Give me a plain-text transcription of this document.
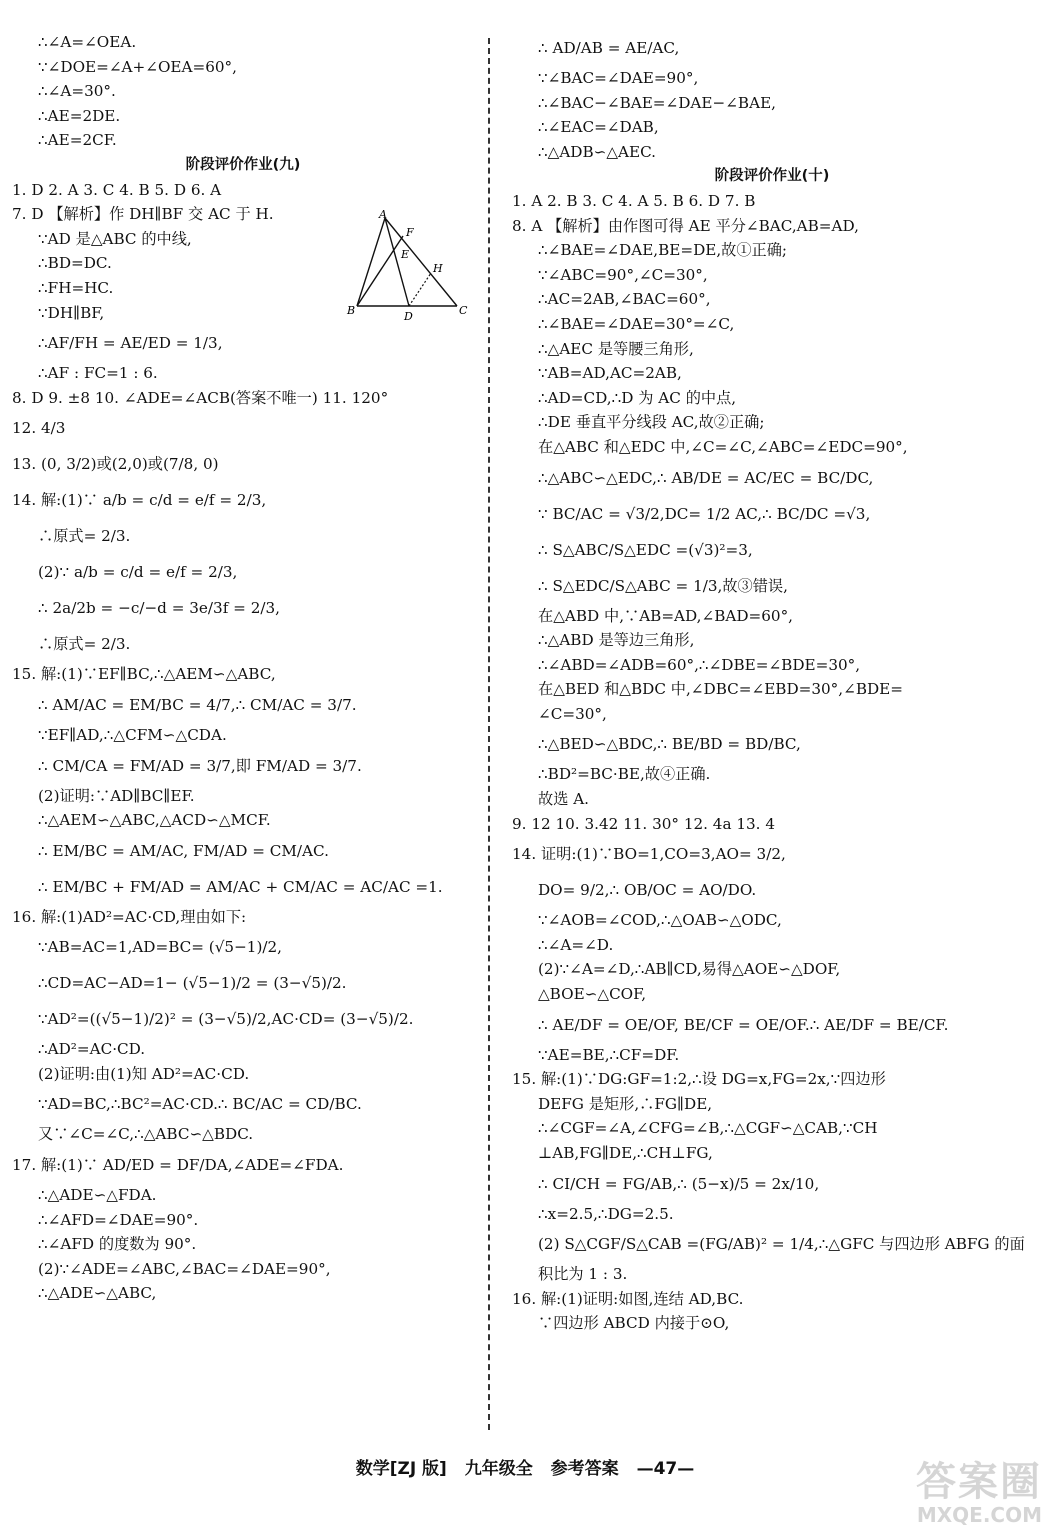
∴∠A=∠OEA.
∵∠DOE=∠A+∠OEA=60°,
∴∠A=30°.
∴AE=2DE.
∴AE=2CF.
阶段评价作业(九)
1. D 2. A 3. C 4. B 5. D 6. A
7. D 【解析】作 DH∥BF 交 AC 于 H.
∵AD 是△ABC 的中线,
∴BD=DC.
∴FH=HC.
∵DH∥BF,
∴AF/FH = AE/ED = 1/3,
∴AF : FC=1 : 6.
8. D 9. ±8 10. ∠ADE=∠ACB(答案不唯一) 11. 120°
12. 4/3
13. (0, 3/2)或(2,0)或(7/8, 0)
14. 解:(1)∵ a/b = c/d = e/f = 2/3,
∴原式= 2/3.
(2)∵ a/b = c/d = e/f = 2/3,
∴ 2a/2b = −c/−d = 3e/3f = 2/3,
∴原式= 2/3.
15. 解:(1)∵EF∥BC,∴△AEM∽△ABC,
∴ AM/AC = EM/BC = 4/7,∴ CM/AC = 3/7.
∵EF∥AD,∴△CFM∽△CDA.
∴ CM/CA = FM/AD = 3/7,即 FM/AD = 3/7.
(2)证明:∵AD∥BC∥EF.
∴△AEM∽△ABC,△ACD∽△MCF.
∴ EM/BC = AM/AC, FM/AD = CM/AC.
∴ EM/BC + FM/AD = AM/AC + CM/AC = AC/AC =1.
16. 解:(1)AD²=AC·CD,理由如下:
∵AB=AC=1,AD=BC= (√5−1)/2,
∴CD=AC−AD=1− (√5−1)/2 = (3−√5)/2.
∵AD²=((√5−1)/2)² = (3−√5)/2,AC·CD= (3−√5)/2.
∴AD²=AC·CD.
(2)证明:由(1)知 AD²=AC·CD.
∵AD=BC,∴BC²=AC·CD.∴ BC/AC = CD/BC.
又∵∠C=∠C,∴△ABC∽△BDC.
17. 解:(1)∵ AD/ED = DF/DA,∠ADE=∠FDA.
∴△ADE∽△FDA.
∴∠AFD=∠DAE=90°.
∴∠AFD 的度数为 90°.
(2)∵∠ADE=∠ABC,∠BAC=∠DAE=90°,
∴△ADE∽△ABC,
∴ AD/AB = AE/AC,
∵∠BAC=∠DAE=90°,
∴∠BAC−∠BAE=∠DAE−∠BAE,
∴∠EAC=∠DAB,
∴△ADB∽△AEC.
阶段评价作业(十)
1. A 2. B 3. C 4. A 5. B 6. D 7. B
8. A 【解析】由作图可得 AE 平分∠BAC,AB=AD,
∴∠BAE=∠DAE,BE=DE,故①正确;
∵∠ABC=90°,∠C=30°,
∴AC=2AB,∠BAC=60°,
∴∠BAE=∠DAE=30°=∠C,
∴△AEC 是等腰三角形,
∵AB=AD,AC=2AB,
∴AD=CD,∴D 为 AC 的中点,
∴DE 垂直平分线段 AC,故②正确;
在△ABC 和△EDC 中,∠C=∠C,∠ABC=∠EDC=90°,
∴△ABC∽△EDC,∴ AB/DE = AC/EC = BC/DC,
∵ BC/AC = √3/2,DC= 1/2 AC,∴ BC/DC =√3,
∴ S△ABC/S△EDC =(√3)²=3,
∴ S△EDC/S△ABC = 1/3,故③错误,
在△ABD 中,∵AB=AD,∠BAD=60°,
∴△ABD 是等边三角形,
∴∠ABD=∠ADB=60°,∴∠DBE=∠BDE=30°,
在△BED 和△BDC 中,∠DBC=∠EBD=30°,∠BDE=
∠C=30°,
∴△BED∽△BDC,∴ BE/BD = BD/BC,
∴BD²=BC·BE,故④正确.
故选 A.
9. 12 10. 3.42 11. 30° 12. 4a 13. 4
14. 证明:(1)∵BO=1,CO=3,AO= 3/2,
DO= 9/2,∴ OB/OC = AO/DO.
∵∠AOB=∠COD,∴△OAB∽△ODC,
∴∠A=∠D.
(2)∵∠A=∠D,∴AB∥CD,易得△AOE∽△DOF,
△BOE∽△COF,
∴ AE/DF = OE/OF, BE/CF = OE/OF.∴ AE/DF = BE/CF.
∵AE=BE,∴CF=DF.
15. 解:(1)∵DG:GF=1:2,∴设 DG=x,FG=2x,∵四边形
DEFG 是矩形,∴FG∥DE,
∴∠CGF=∠A,∠CFG=∠B,∴△CGF∽△CAB,∵CH
⊥AB,FG∥DE,∴CH⊥FG,
∴ CI/CH = FG/AB,∴ (5−x)/5 = 2x/10,
∴x=2.5,∴DG=2.5.
(2) S△CGF/S△CAB =(FG/AB)² = 1/4,∴△GFC 与四边形 ABFG 的面
积比为 1 : 3.
16. 解:(1)证明:如图,连结 AD,BC.
∵四边形 ABCD 内接于⊙O,
A
F
E
H
B	D	C
数学[ZJ 版] 九年级全 参考答案 —47—	答案圈
MXQE.COM
